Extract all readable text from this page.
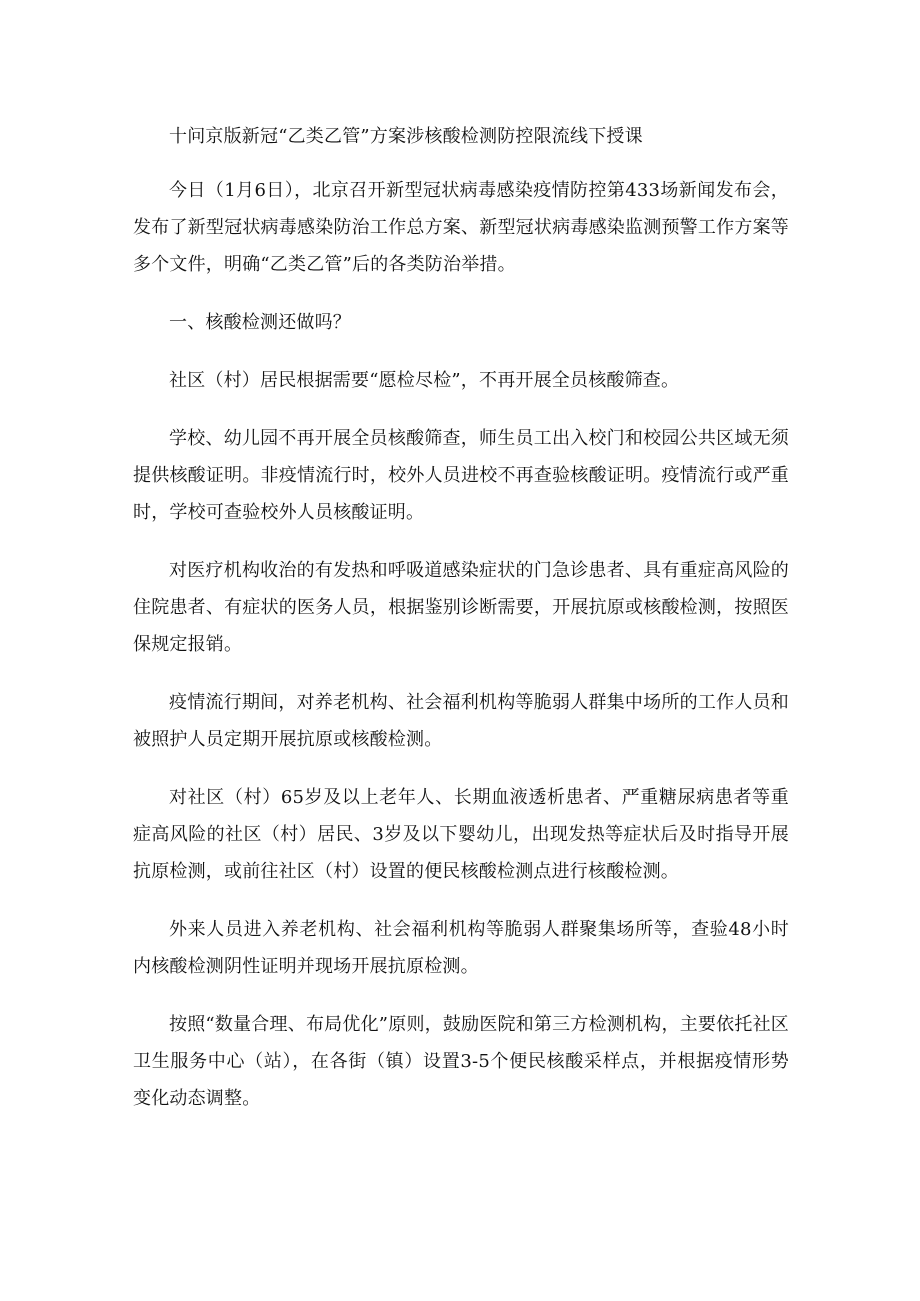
十问京版新冠“乙类乙管”方案涉核酸检测防控限流线下授课

今日（1月6日），北京召开新型冠状病毒感染疫情防控第433场新闻发布会，发布了新型冠状病毒感染防治工作总方案、新型冠状病毒感染监测预警工作方案等多个文件，明确“乙类乙管”后的各类防治举措。

一、核酸检测还做吗？

社区（村）居民根据需要“愿检尽检”，不再开展全员核酸筛查。

学校、幼儿园不再开展全员核酸筛查，师生员工出入校门和校园公共区域无须提供核酸证明。非疫情流行时，校外人员进校不再查验核酸证明。疫情流行或严重时，学校可查验校外人员核酸证明。

对医疗机构收治的有发热和呼吸道感染症状的门急诊患者、具有重症高风险的住院患者、有症状的医务人员，根据鉴别诊断需要，开展抗原或核酸检测，按照医保规定报销。

疫情流行期间，对养老机构、社会福利机构等脆弱人群集中场所的工作人员和被照护人员定期开展抗原或核酸检测。

对社区（村）65岁及以上老年人、长期血液透析患者、严重糖尿病患者等重症高风险的社区（村）居民、3岁及以下婴幼儿，出现发热等症状后及时指导开展抗原检测，或前往社区（村）设置的便民核酸检测点进行核酸检测。

外来人员进入养老机构、社会福利机构等脆弱人群聚集场所等，查验48小时内核酸检测阴性证明并现场开展抗原检测。

按照“数量合理、布局优化”原则，鼓励医院和第三方检测机构，主要依托社区卫生服务中心（站），在各街（镇）设置3-5个便民核酸采样点，并根据疫情形势变化动态调整。
